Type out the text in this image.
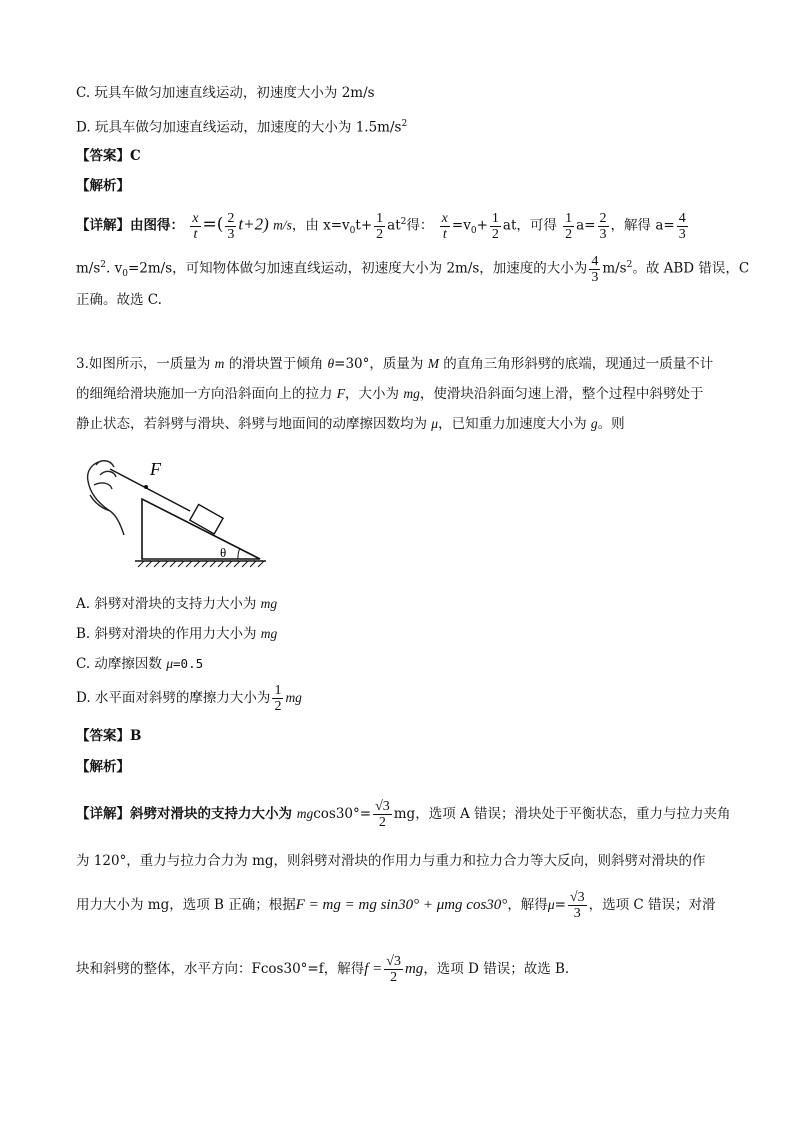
C. 玩具车做匀加速直线运动，初速度大小为 2m/s
D. 玩具车做匀加速直线运动，加速度的大小为 $1.5m/s^2$
【答案】C
【解析】
【详解】由图得： $\frac{x}{t}$ =( $\frac{2}{3} t+2$) m/s，由 $x=v_0t+ \frac{1}{2} at^2$得： $\frac{x}{t} =v_0+ \frac{1}{2}$ at，可得 $\frac{1}{2} a= \frac{2}{3}$ ，解得 $a= \frac{4}{3}$
$m/s^2$. $v_0=2m/s$，可知物体做匀加速直线运动，初速度大小为 2m/s，加速度的大小为 $\frac{4}{3} m/s^2$。故 ABD 错误，C
正确。故选 C.
3.如图所示，一质量为 m 的滑块置于倾角 θ=30°，质量为 M 的直角三角形斜劈的底端，现通过一质量不计
的细绳给滑块施加一方向沿斜面向上的拉力 F，大小为 mg，使滑块沿斜面匀速上滑，整个过程中斜劈处于
静止状态，若斜劈与滑块、斜劈与地面间的动摩擦因数均为 μ，已知重力加速度大小为 g。则
F
θ
A. 斜劈对滑块的支持力大小为 mg
B. 斜劈对滑块的作用力大小为 mg
C. 动摩擦因数 μ=0.5
D. 水平面对斜劈的摩擦力大小为 $\frac{1}{2}$ mg
【答案】B
【解析】
【详解】斜劈对滑块的支持力大小为 $mgcos30^\circ= \frac{√3}{2}$ mg，选项 A 错误；滑块处于平衡状态，重力与拉力夹角
为 120°，重力与拉力合力为 mg，则斜劈对滑块的作用力与重力和拉力合力等大反向，则斜劈对滑块的作
用力大小为 mg，选项 B 正确；根据F = mg = mg sin30° + μmg cos30°，解得$\mu= \frac{√3}{3}$ ，选项 C 错误；对滑
块和斜劈的整体，水平方向：Fcos30°=f，解得$f = \frac{√3}{2}$ mg，选项 D 错误；故选 B.
